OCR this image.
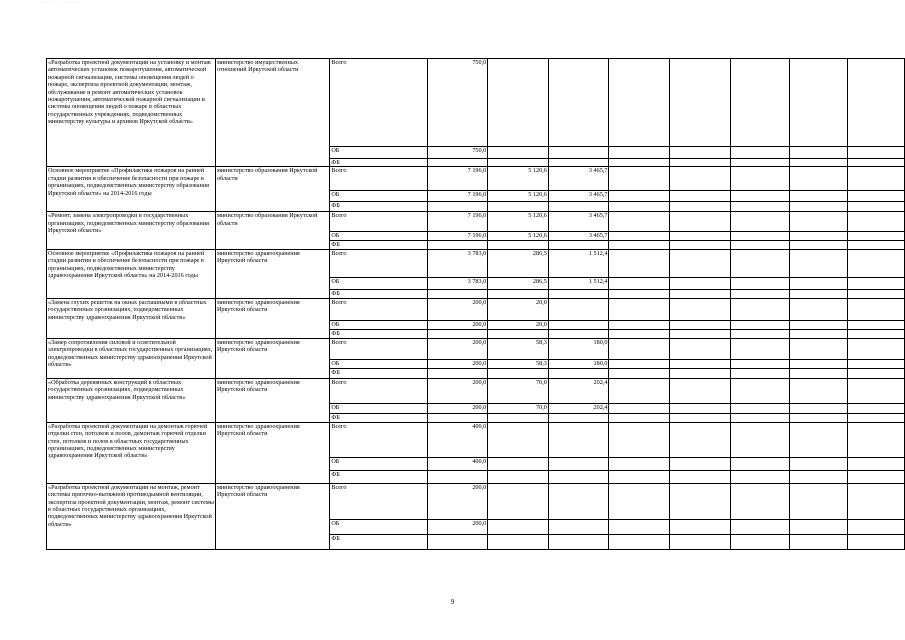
··· ·· · ··· ··· ·
«Разработка проектной документации на установку и монтаж автоматических установок пожаротушения, автоматической пожарной сигнализации, системы оповещения людей о пожаре, экспертиза проектной документации, монтаж, обслуживание и ремонт автоматических установок пожаротушения, автоматической пожарной сигнализации и системы оповещения людей о пожаре в областных государственных учреждениях, подведомственных министерству культуры и архивов Иркутской области»	министерство имущественных отношений Иркутской области	Всего	750,0							
		ОБ	750,0							
		ФБ								
Основное мероприятие «Профилактика пожаров на ранней стадии развития и обеспечение безопасности при пожаре в организациях, подведомственных министерству образования Иркутской области» на 2014-2016 годы	министерство образования Иркутской области	Всего	7 196,0	5 120,6	3 465,7					
		ОБ	7 196,0	5 120,6	3 465,7					
		ФБ								
«Ремонт, замена электропроводки в государственных организациях, подведомственных министерству образования Иркутской области»	министерство образования Иркутской области	Всего	7 196,0	5 120,6	3 465,7					
		ОБ	7 196,0	5 120,6	3 465,7					
		ФБ								
Основное мероприятие «Профилактика пожаров на ранней стадии развития и обеспечение безопасности при пожаре в организациях, подведомственных министерству здравоохранения Иркутской области» на 2014-2016 годы	министерство здравоохранения Иркутской области	Всего	3 783,0	286,5	1 512,4					
		ОБ	3 783,0	286,5	1 512,4					
		ФБ								
«Замена глухих решеток на окнах распашными в областных государственных организациях, подведомственных министерству здравоохранения Иркутской области»	министерство здравоохранения Иркутской области	Всего	200,0	20,0						
		ОБ	200,0	20,0						
		ФБ								
«Замер сопротивления силовой и осветительной электропроводки в областных государственных организациях, подведомственных министерству здравоохранения Иркутской области»	министерство здравоохранения Иркутской области	Всего	200,0	58,3	180,0					
		ОБ	200,0	58,3	180,0					
		ФБ								
«Обработка деревянных конструкций в областных государственных организациях, подведомственных министерству здравоохранения Иркутской области»	министерство здравоохранения Иркутской области	Всего	200,0	70,0	202,4					
		ОБ	200,0	70,0	202,4					
		ФБ								
«Разработка проектной документации на демонтаж горючей отделки стен, потолков и полов, демонтаж горючей отделки стен, потолков и полов в областных государственных организациях, подведомственных министерству здравоохранения Иркутской области»	министерство здравоохранения Иркутской области	Всего	400,0							
		ОБ	400,0							
		ФБ								
«Разработка проектной документации на монтаж, ремонт системы приточно-вытяжной противодымной вентиляции, экспертиза проектной документации, монтаж, ремонт системы в областных государственных организациях, подведомственных министерству здравоохранения Иркутской области»	министерство здравоохранения Иркутской области	Всего	200,0							
		ОБ	200,0							
		ФБ								
9
